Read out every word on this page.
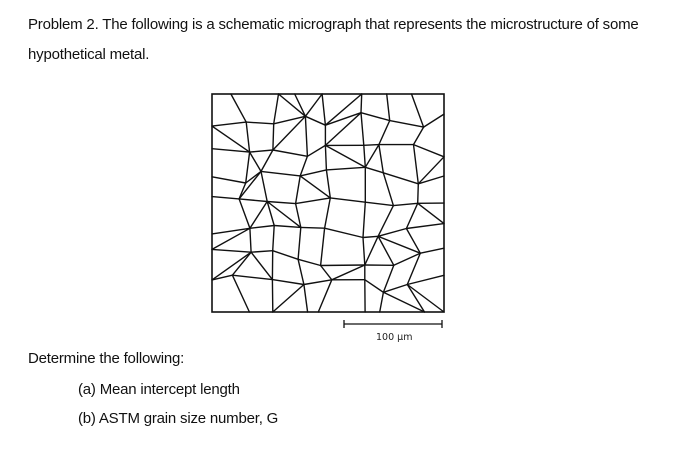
Problem 2. The following is a schematic micrograph that represents the microstructure of some
hypothetical metal.
100 μm
Determine the following:
(a) Mean intercept length
(b) ASTM grain size number, G
